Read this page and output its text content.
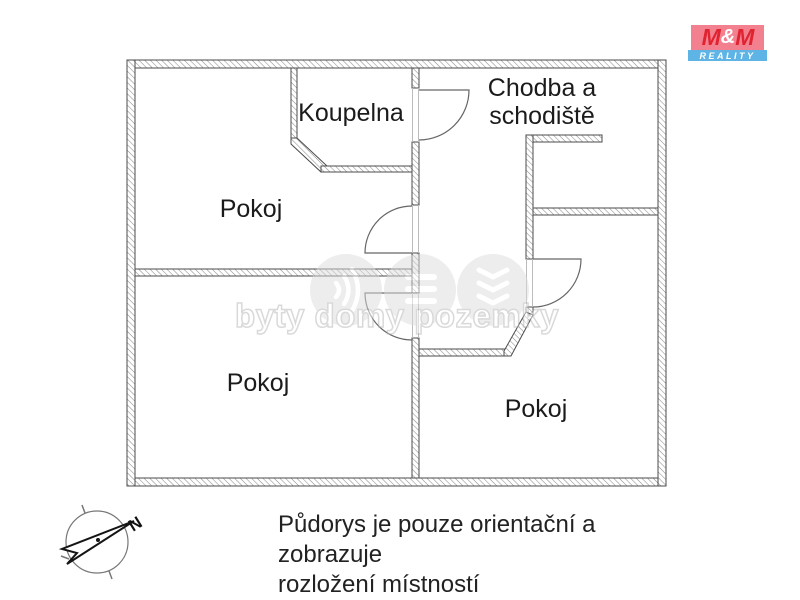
Koupelna
Chodba a
schodiště
Pokoj
Pokoj
Pokoj
byty domy pozemky
N	Půdorys je pouze orientační a zobrazuje
rozložení místností
M & M
REALITY
